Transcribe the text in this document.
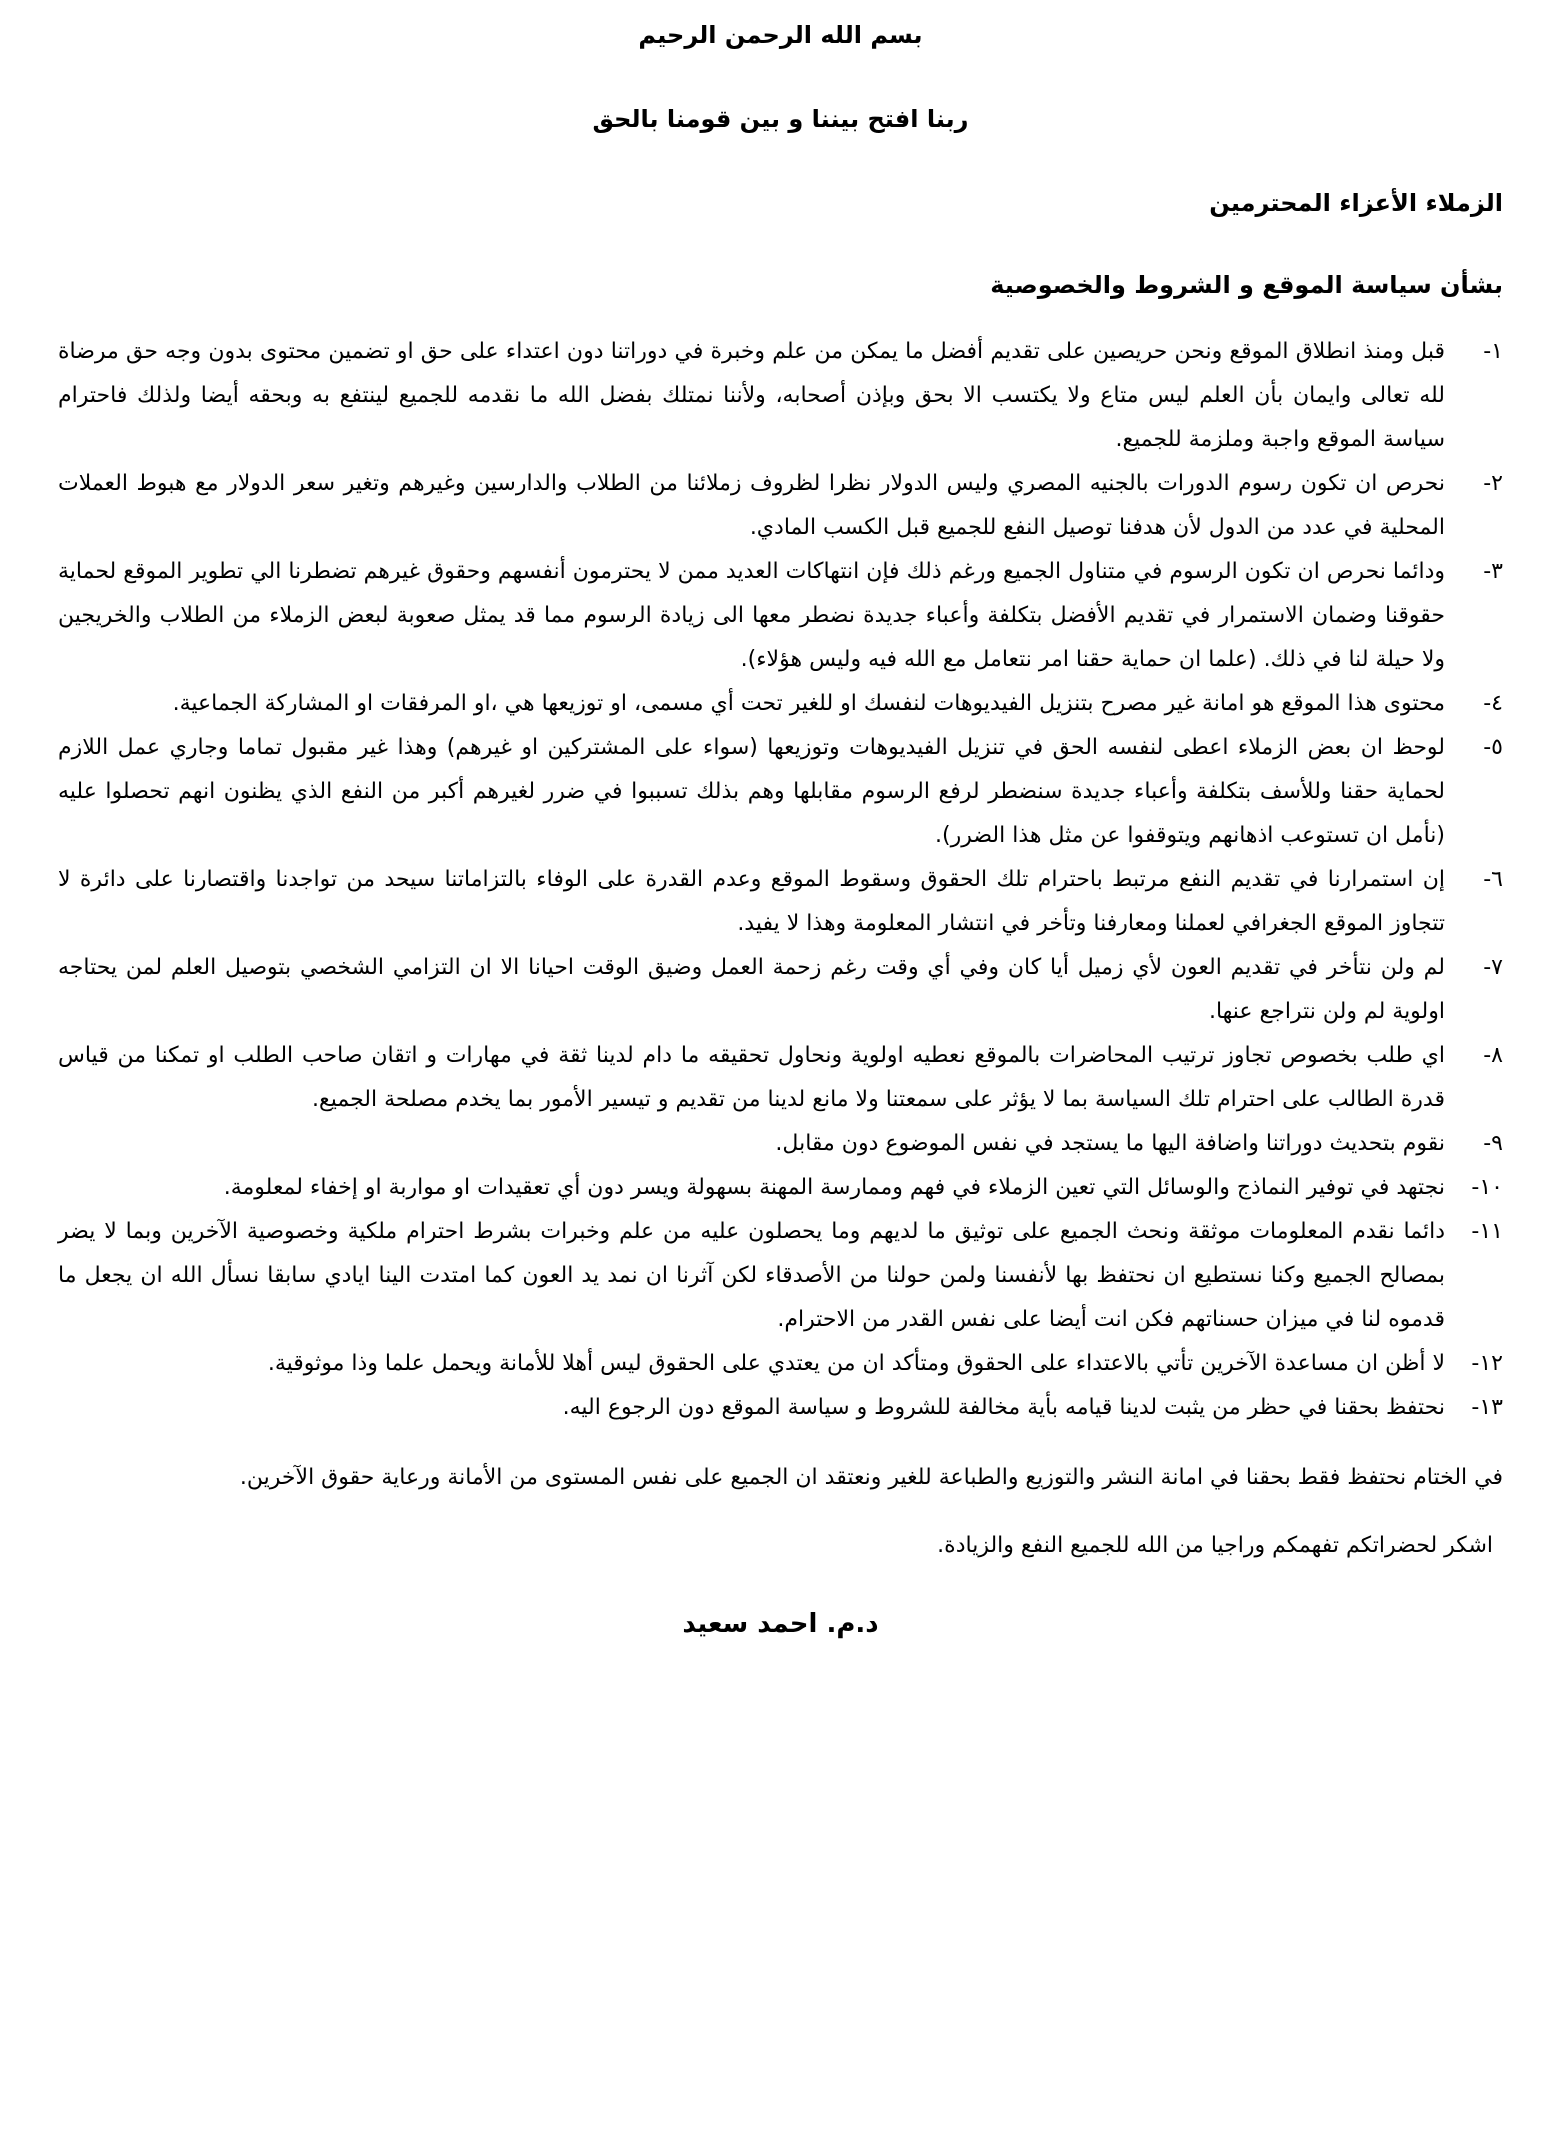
بسم الله الرحمن الرحيم
ربنا افتح بيننا و بين قومنا بالحق
الزملاء الأعزاء المحترمين
بشأن سياسة الموقع و الشروط والخصوصية
١-
قبل ومنذ انطلاق الموقع ونحن حريصين على تقديم أفضل ما يمكن من علم وخبرة في دوراتنا دون اعتداء على حق او تضمين محتوى بدون وجه حق مرضاة لله تعالى وايمان بأن العلم ليس متاع ولا يكتسب الا بحق وبإذن أصحابه، ولأننا نمتلك بفضل الله ما نقدمه للجميع لينتفع به وبحقه أيضا ولذلك فاحترام سياسة الموقع واجبة وملزمة للجميع.
٢-
نحرص ان تكون رسوم الدورات بالجنيه المصري وليس الدولار نظرا لظروف زملائنا من الطلاب والدارسين وغيرهم وتغير سعر الدولار مع هبوط العملات المحلية في عدد من الدول لأن هدفنا توصيل النفع للجميع قبل الكسب المادي.
٣-
ودائما نحرص ان تكون الرسوم في متناول الجميع ورغم ذلك فإن انتهاكات العديد ممن لا يحترمون أنفسهم وحقوق غيرهم تضطرنا الي تطوير الموقع لحماية حقوقنا وضمان الاستمرار في تقديم الأفضل بتكلفة وأعباء جديدة نضطر معها الى زيادة الرسوم مما قد يمثل صعوبة لبعض الزملاء من الطلاب والخريجين ولا حيلة لنا في ذلك. (علما ان حماية حقنا امر نتعامل مع الله فيه وليس هؤلاء).
٤-
محتوى هذا الموقع هو امانة غير مصرح بتنزيل الفيديوهات لنفسك او للغير تحت أي مسمى، او توزيعها هي ،او المرفقات او المشاركة الجماعية.
٥-
لوحظ ان بعض الزملاء اعطى لنفسه الحق في تنزيل الفيديوهات وتوزيعها (سواء على المشتركين او غيرهم) وهذا غير مقبول تماما وجاري عمل اللازم لحماية حقنا وللأسف بتكلفة وأعباء جديدة سنضطر لرفع الرسوم مقابلها وهم بذلك تسببوا في ضرر لغيرهم أكبر من النفع الذي يظنون انهم تحصلوا عليه (نأمل ان تستوعب اذهانهم ويتوقفوا عن مثل هذا الضرر).
٦-
إن استمرارنا في تقديم النفع مرتبط باحترام تلك الحقوق وسقوط الموقع وعدم القدرة على الوفاء بالتزاماتنا سيحد من تواجدنا واقتصارنا على دائرة لا تتجاوز الموقع الجغرافي لعملنا ومعارفنا وتأخر في انتشار المعلومة وهذا لا يفيد.
٧-
لم ولن نتأخر في تقديم العون لأي زميل أيا كان وفي أي وقت رغم زحمة العمل وضيق الوقت احيانا الا ان التزامي الشخصي بتوصيل العلم لمن يحتاجه اولوية لم ولن نتراجع عنها.
٨-
اي طلب بخصوص تجاوز ترتيب المحاضرات بالموقع نعطيه اولوية ونحاول تحقيقه ما دام لدينا ثقة في مهارات و اتقان صاحب الطلب او تمكنا من قياس قدرة الطالب على احترام تلك السياسة بما لا يؤثر على سمعتنا ولا مانع لدينا من تقديم و تيسير الأمور بما يخدم مصلحة الجميع.
٩-
نقوم بتحديث دوراتنا واضافة اليها ما يستجد في نفس الموضوع دون مقابل.
١٠-
نجتهد في توفير النماذج والوسائل التي تعين الزملاء في فهم وممارسة المهنة بسهولة ويسر دون أي تعقيدات او مواربة او إخفاء لمعلومة.
١١-
دائما نقدم المعلومات موثقة ونحث الجميع على توثيق ما لديهم وما يحصلون عليه من علم وخبرات بشرط احترام ملكية وخصوصية الآخرين وبما لا يضر بمصالح الجميع وكنا نستطيع ان نحتفظ بها لأنفسنا ولمن حولنا من الأصدقاء لكن آثرنا ان نمد يد العون كما امتدت الينا ايادي سابقا نسأل الله ان يجعل ما قدموه لنا في ميزان حسناتهم فكن انت أيضا على نفس القدر من الاحترام.
١٢-
لا أظن ان مساعدة الآخرين تأتي بالاعتداء على الحقوق ومتأكد ان من يعتدي على الحقوق ليس أهلا للأمانة ويحمل علما وذا موثوقية.
١٣-
نحتفظ بحقنا في حظر من يثبت لدينا قيامه بأية مخالفة للشروط و سياسة الموقع دون الرجوع اليه.

في الختام نحتفظ فقط بحقنا في امانة النشر والتوزيع والطباعة للغير ونعتقد ان الجميع على نفس المستوى من الأمانة ورعاية حقوق الآخرين.

اشكر لحضراتكم تفهمكم وراجيا من الله للجميع النفع والزيادة.

د.م. احمد سعيد
